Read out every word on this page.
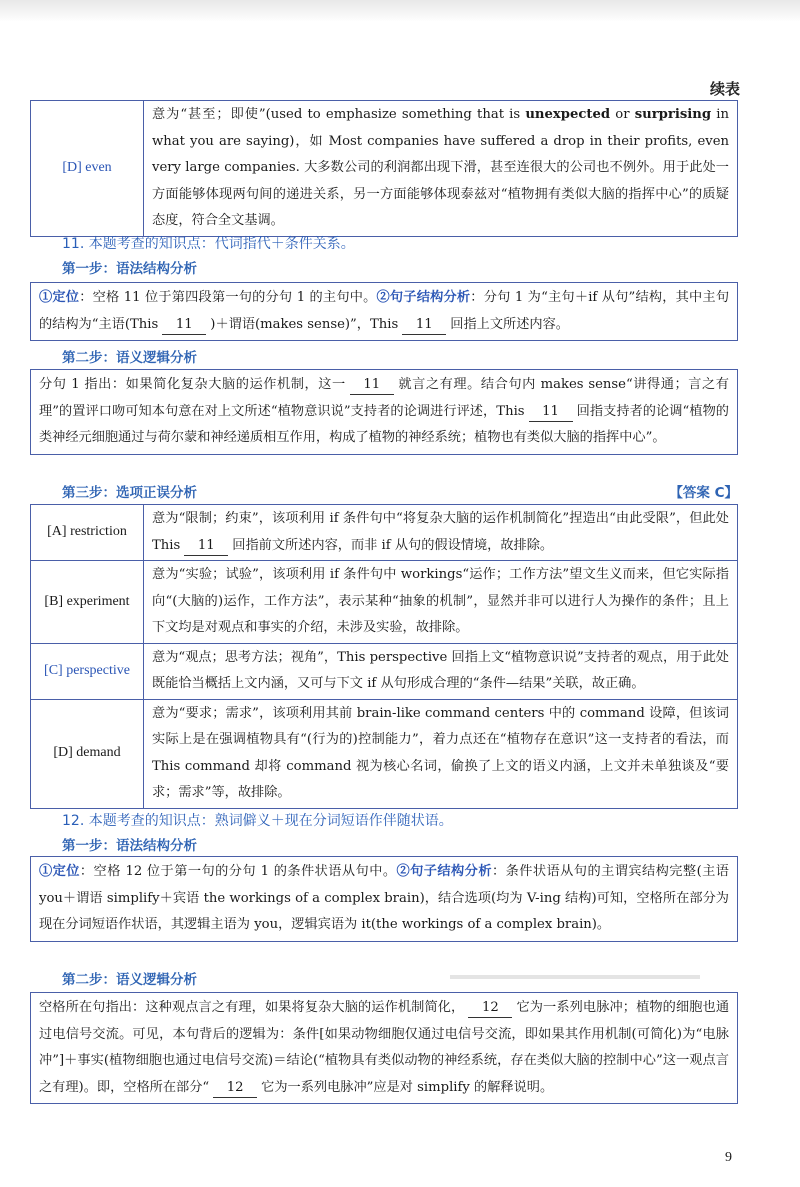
续表
[D] even	意为“甚至；即使”(used to emphasize something that is unexpected or surprising in what you are saying)，如 Most companies have suffered a drop in their profits, even very large companies. 大多数公司的利润都出现下滑，甚至连很大的公司也不例外。用于此处一方面能够体现两句间的递进关系，另一方面能够体现泰兹对“植物拥有类似大脑的指挥中心”的质疑态度，符合全文基调。
11. 本题考查的知识点：代词指代＋条件关系。
第一步：语法结构分析
①定位：空格 11 位于第四段第一句的分句 1 的主句中。②句子结构分析：分句 1 为“主句＋if 从句”结构，其中主句的结构为“主语(This 11 )＋谓语(makes sense)”，This 11 回指上文所述内容。
第二步：语义逻辑分析
分句 1 指出：如果简化复杂大脑的运作机制，这一 11 就言之有理。结合句内 makes sense“讲得通；言之有理”的置评口吻可知本句意在对上文所述“植物意识说”支持者的论调进行评述，This 11 回指支持者的论调“植物的类神经元细胞通过与荷尔蒙和神经递质相互作用，构成了植物的神经系统；植物也有类似大脑的指挥中心”。
第三步：选项正误分析	【答案 C】
[A] restriction	意为“限制；约束”，该项利用 if 条件句中“将复杂大脑的运作机制简化”捏造出“由此受限”，但此处 This 11 回指前文所述内容，而非 if 从句的假设情境，故排除。
[B] experiment	意为“实验；试验”，该项利用 if 条件句中 workings“运作；工作方法”望文生义而来，但它实际指向“(大脑的)运作，工作方法”，表示某种“抽象的机制”，显然并非可以进行人为操作的条件；且上下文均是对观点和事实的介绍，未涉及实验，故排除。
[C] perspective	意为“观点；思考方法；视角”，This perspective 回指上文“植物意识说”支持者的观点，用于此处既能恰当概括上文内涵，又可与下文 if 从句形成合理的“条件—结果”关联，故正确。
[D] demand	意为“要求；需求”，该项利用其前 brain-like command centers 中的 command 设障，但该词实际上是在强调植物具有“(行为的)控制能力”，着力点还在“植物存在意识”这一支持者的看法，而 This command 却将 command 视为核心名词，偷换了上文的语义内涵，上文并未单独谈及“要求；需求”等，故排除。
12. 本题考查的知识点：熟词僻义＋现在分词短语作伴随状语。
第一步：语法结构分析
①定位：空格 12 位于第一句的分句 1 的条件状语从句中。②句子结构分析：条件状语从句的主谓宾结构完整(主语 you＋谓语 simplify＋宾语 the workings of a complex brain)，结合选项(均为 V-ing 结构)可知，空格所在部分为现在分词短语作状语，其逻辑主语为 you，逻辑宾语为 it(the workings of a complex brain)。
第二步：语义逻辑分析
空格所在句指出：这种观点言之有理，如果将复杂大脑的运作机制简化， 12 它为一系列电脉冲；植物的细胞也通过电信号交流。可见，本句背后的逻辑为：条件[如果动物细胞仅通过电信号交流，即如果其作用机制(可简化)为“电脉冲”]＋事实(植物细胞也通过电信号交流)＝结论(“植物具有类似动物的神经系统，存在类似大脑的控制中心”这一观点言之有理)。即，空格所在部分“ 12 它为一系列电脉冲”应是对 simplify 的解释说明。
9
